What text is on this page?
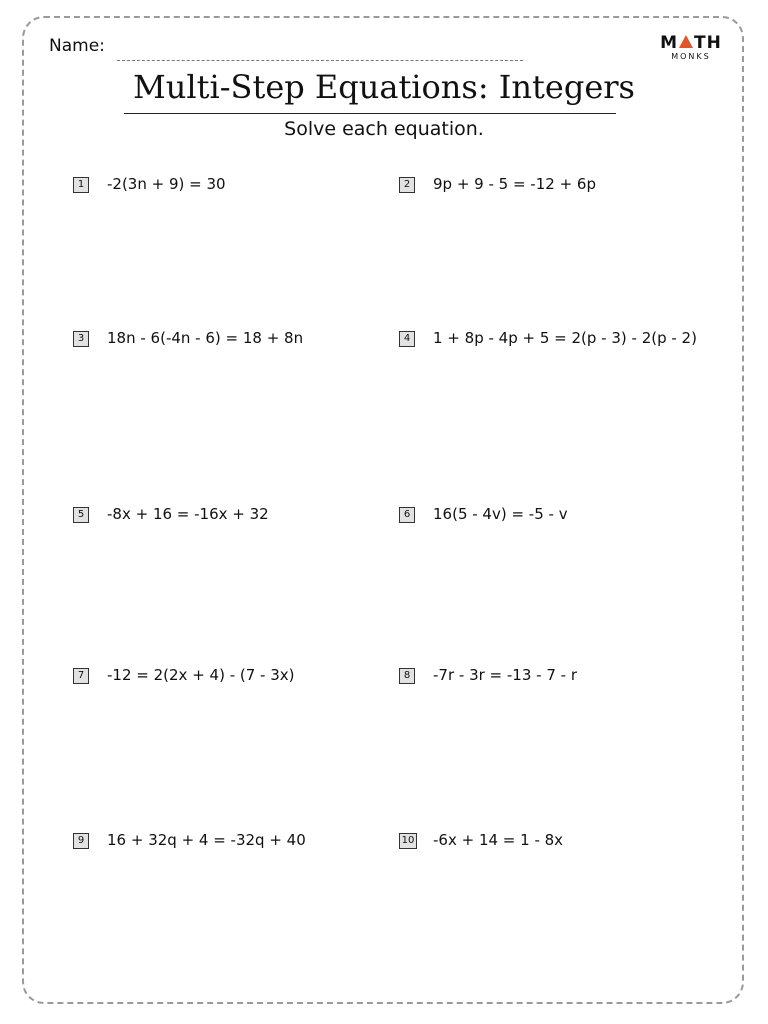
Name:	M TH
MONKS
Multi-Step Equations: Integers
Solve each equation.
1	-2(3n + 9) = 30	2	9p + 9 - 5 = -12 + 6p
3	18n - 6(-4n - 6) = 18 + 8n	4	1 + 8p - 4p + 5 = 2(p - 3) - 2(p - 2)
5	-8x + 16 = -16x + 32	6	16(5 - 4v) = -5 - v
7	-12 = 2(2x + 4) - (7 - 3x)	8	-7r - 3r = -13 - 7 - r
9	16 + 32q + 4 = -32q + 40	10 -6x + 14 = 1 - 8x
